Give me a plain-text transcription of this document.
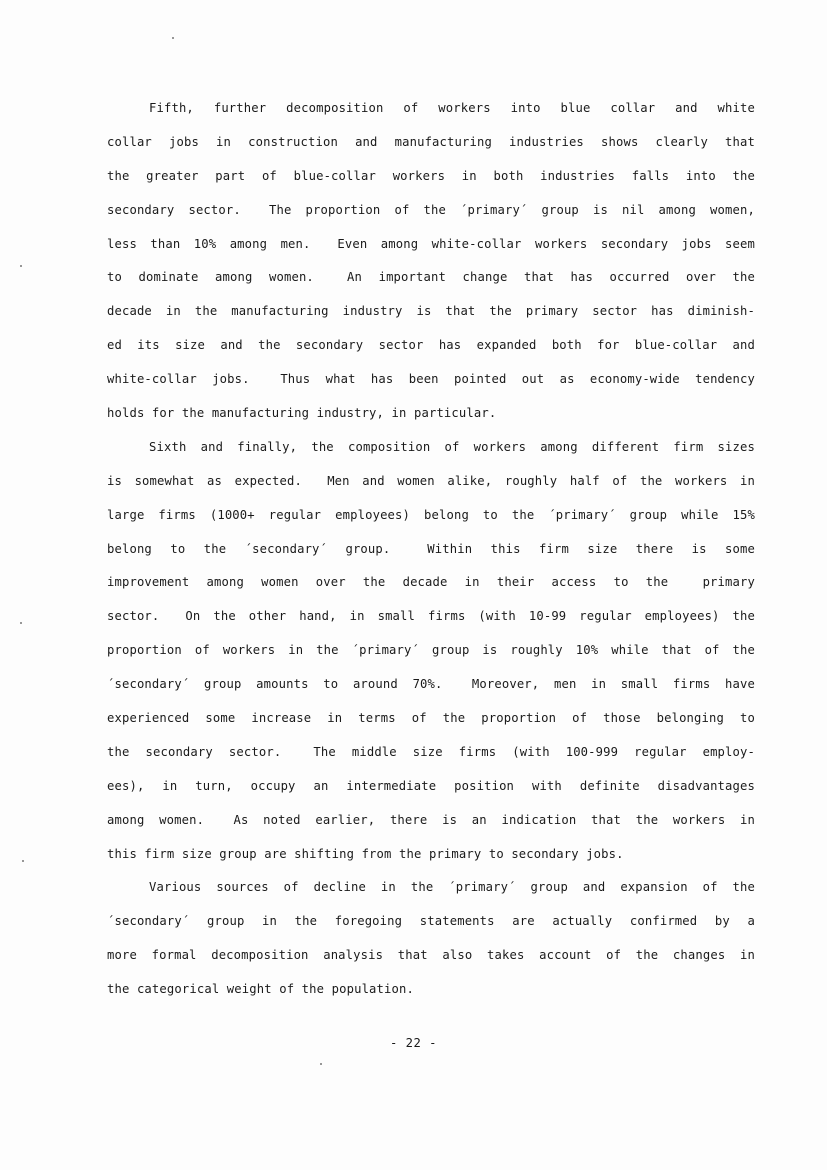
Fifth, further decomposition of workers into blue collar and white
collar jobs in construction and manufacturing industries shows clearly that
the greater part of blue-collar workers in both industries falls into the
secondary sector.  The proportion of the ´primary´ group is nil among women,
less than 10% among men.  Even among white-collar workers secondary jobs seem
to dominate among women.  An important change that has occurred over the
decade in the manufacturing industry is that the primary sector has diminish-
ed its size and the secondary sector has expanded both for blue-collar and
white-collar jobs.  Thus what has been pointed out as economy-wide tendency
holds for the manufacturing industry, in particular.
Sixth and finally, the composition of workers among different firm sizes
is somewhat as expected.  Men and women alike, roughly half of the workers in
large firms (1000+ regular employees) belong to the ´primary´ group while 15%
belong to the ´secondary´ group.  Within this firm size there is some
improvement among women over the decade in their access to the  primary
sector.  On the other hand, in small firms (with 10-99 regular employees) the
proportion of workers in the ´primary´ group is roughly 10% while that of the
´secondary´ group amounts to around 70%.  Moreover, men in small firms have
experienced some increase in terms of the proportion of those belonging to
the secondary sector.  The middle size firms (with 100-999 regular employ-
ees), in turn, occupy an intermediate position with definite disadvantages
among women.  As noted earlier, there is an indication that the workers in
this firm size group are shifting from the primary to secondary jobs.
Various sources of decline in the ´primary´ group and expansion of the
´secondary´ group in the foregoing statements are actually confirmed by a
more formal decomposition analysis that also takes account of the changes in
the categorical weight of the population.
- 22 -
